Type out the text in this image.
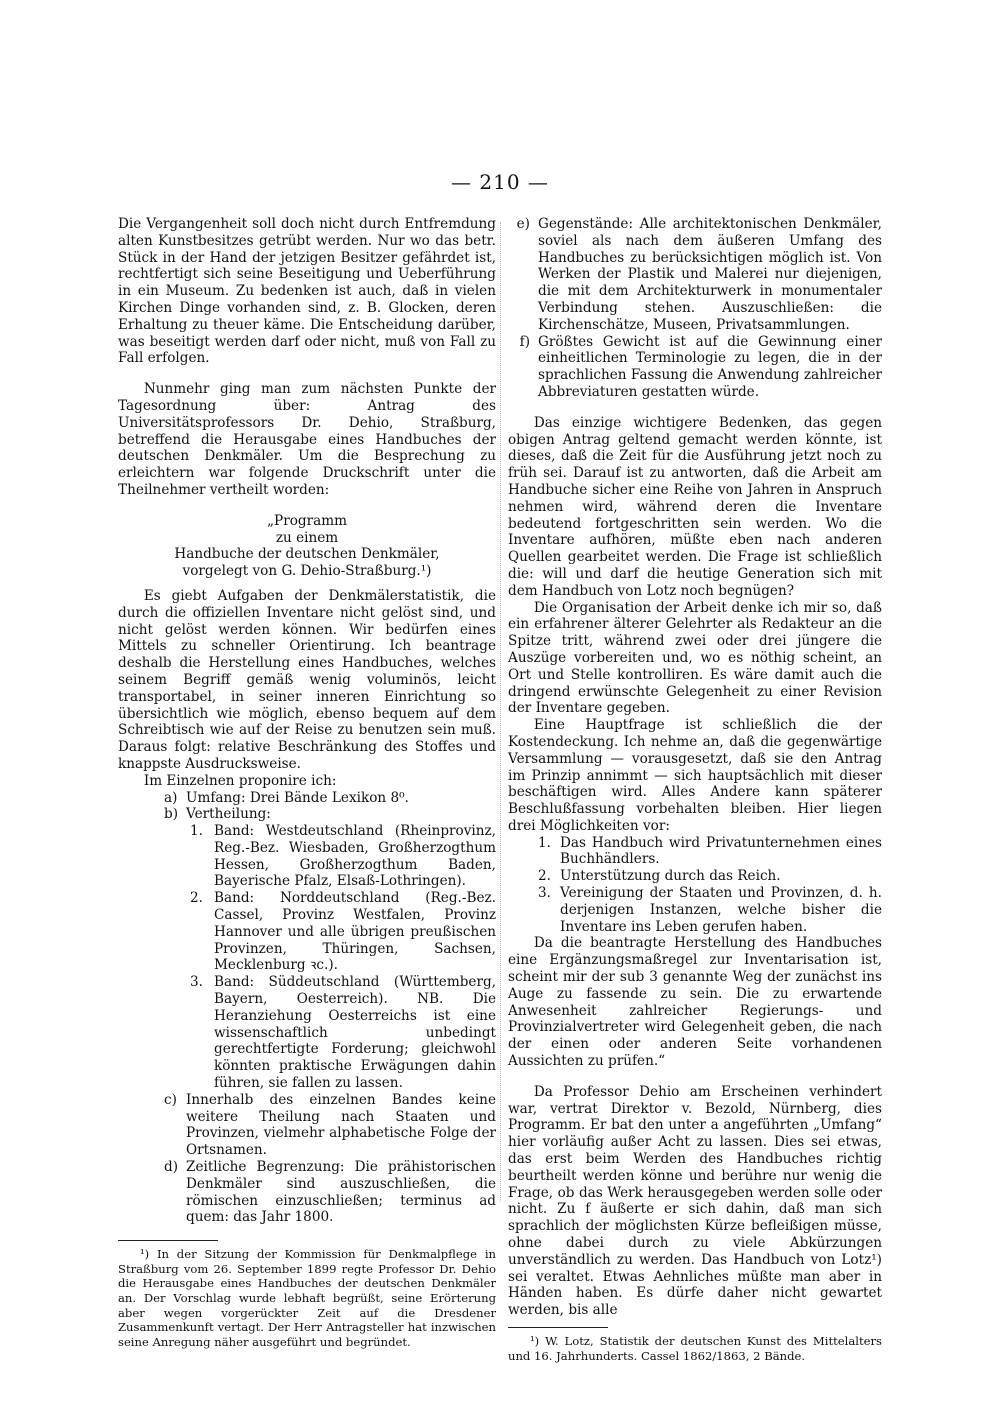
— 210 —

Die Vergangenheit soll doch nicht durch Entfremdung alten Kunstbesitzes getrübt werden. Nur wo das betr. Stück in der Hand der jetzigen Besitzer gefährdet ist, rechtfertigt sich seine Beseitigung und Ueberführung in ein Museum. Zu bedenken ist auch, daß in vielen Kirchen Dinge vorhanden sind, z. B. Glocken, deren Erhaltung zu theuer käme. Die Entscheidung darüber, was beseitigt werden darf oder nicht, muß von Fall zu Fall erfolgen.

Nunmehr ging man zum nächsten Punkte der Tagesordnung über: Antrag des Universitätsprofessors Dr. Dehio, Straßburg, betreffend die Herausgabe eines Handbuches der deutschen Denkmäler. Um die Besprechung zu erleichtern war folgende Druckschrift unter die Theilnehmer vertheilt worden:

„Programm

zu einem

Handbuche der deutschen Denkmäler,

vorgelegt von G. Dehio-Straßburg.¹)

Es giebt Aufgaben der Denkmälerstatistik, die durch die offiziellen Inventare nicht gelöst sind, und nicht gelöst werden können. Wir bedürfen eines Mittels zu schneller Orientirung. Ich beantrage deshalb die Herstellung eines Handbuches, welches seinem Begriff gemäß wenig voluminös, leicht transportabel, in seiner inneren Einrichtung so übersichtlich wie möglich, ebenso bequem auf dem Schreibtisch wie auf der Reise zu benutzen sein muß. Daraus folgt: relative Beschränkung des Stoffes und knappste Ausdrucksweise.

Im Einzelnen proponire ich:

a) Umfang: Drei Bände Lexikon 8⁰.
b) Vertheilung:
1. Band: Westdeutschland (Rheinprovinz, Reg.-Bez. Wiesbaden, Großherzogthum Hessen, Großherzogthum Baden, Bayerische Pfalz, Elsaß-Lothringen).
2. Band: Norddeutschland (Reg.-Bez. Cassel, Provinz Westfalen, Provinz Hannover und alle übrigen preußischen Provinzen, Thüringen, Sachsen, Mecklenburg ꝛc.).
3. Band: Süddeutschland (Württemberg, Bayern, Oesterreich). NB. Die Heranziehung Oesterreichs ist eine wissenschaftlich unbedingt gerechtfertigte Forderung; gleichwohl könnten praktische Erwägungen dahin führen, sie fallen zu lassen.
c) Innerhalb des einzelnen Bandes keine weitere Theilung nach Staaten und Provinzen, vielmehr alphabetische Folge der Ortsnamen.
d) Zeitliche Begrenzung: Die prähistorischen Denkmäler sind auszuschließen, die römischen einzuschließen; terminus ad quem: das Jahr 1800.

¹) In der Sitzung der Kommission für Denkmalpflege in Straßburg vom 26. September 1899 regte Professor Dr. Dehio die Herausgabe eines Handbuches der deutschen Denkmäler an. Der Vorschlag wurde lebhaft begrüßt, seine Erörterung aber wegen vorgerückter Zeit auf die Dresdener Zusammenkunft vertagt. Der Herr Antragsteller hat inzwischen seine Anregung näher ausgeführt und begründet.

e) Gegenstände: Alle architektonischen Denkmäler, soviel als nach dem äußeren Umfang des Handbuches zu berücksichtigen möglich ist. Von Werken der Plastik und Malerei nur diejenigen, die mit dem Architekturwerk in monumentaler Verbindung stehen. Auszuschließen: die Kirchenschätze, Museen, Privatsammlungen.
f) Größtes Gewicht ist auf die Gewinnung einer einheitlichen Terminologie zu legen, die in der sprachlichen Fassung die Anwendung zahlreicher Abbreviaturen gestatten würde.

Das einzige wichtigere Bedenken, das gegen obigen Antrag geltend gemacht werden könnte, ist dieses, daß die Zeit für die Ausführung jetzt noch zu früh sei. Darauf ist zu antworten, daß die Arbeit am Handbuche sicher eine Reihe von Jahren in Anspruch nehmen wird, während deren die Inventare bedeutend fortgeschritten sein werden. Wo die Inventare aufhören, müßte eben nach anderen Quellen gearbeitet werden. Die Frage ist schließlich die: will und darf die heutige Generation sich mit dem Handbuch von Lotz noch begnügen?

Die Organisation der Arbeit denke ich mir so, daß ein erfahrener älterer Gelehrter als Redakteur an die Spitze tritt, während zwei oder drei jüngere die Auszüge vorbereiten und, wo es nöthig scheint, an Ort und Stelle kontrolliren. Es wäre damit auch die dringend erwünschte Gelegenheit zu einer Revision der Inventare gegeben.

Eine Hauptfrage ist schließlich die der Kostendeckung. Ich nehme an, daß die gegenwärtige Versammlung — vorausgesetzt, daß sie den Antrag im Prinzip annimmt — sich hauptsächlich mit dieser beschäftigen wird. Alles Andere kann späterer Beschlußfassung vorbehalten bleiben. Hier liegen drei Möglichkeiten vor:

1. Das Handbuch wird Privatunternehmen eines Buchhändlers.
2. Unterstützung durch das Reich.
3. Vereinigung der Staaten und Provinzen, d. h. derjenigen Instanzen, welche bisher die Inventare ins Leben gerufen haben.

Da die beantragte Herstellung des Handbuches eine Ergänzungsmaßregel zur Inventarisation ist, scheint mir der sub 3 genannte Weg der zunächst ins Auge zu fassende zu sein. Die zu erwartende Anwesenheit zahlreicher Regierungs- und Provinzialvertreter wird Gelegenheit geben, die nach der einen oder anderen Seite vorhandenen Aussichten zu prüfen.“

Da Professor Dehio am Erscheinen verhindert war, vertrat Direktor v. Bezold, Nürnberg, dies Programm. Er bat den unter a angeführten „Umfang“ hier vorläufig außer Acht zu lassen. Dies sei etwas, das erst beim Werden des Handbuches richtig beurtheilt werden könne und berühre nur wenig die Frage, ob das Werk herausgegeben werden solle oder nicht. Zu f äußerte er sich dahin, daß man sich sprachlich der möglichsten Kürze befleißigen müsse, ohne dabei durch zu viele Abkürzungen unverständlich zu werden. Das Handbuch von Lotz¹) sei veraltet. Etwas Aehnliches müßte man aber in Händen haben. Es dürfe daher nicht gewartet werden, bis alle

¹) W. Lotz, Statistik der deutschen Kunst des Mittelalters und 16. Jahrhunderts. Cassel 1862/1863, 2 Bände.
